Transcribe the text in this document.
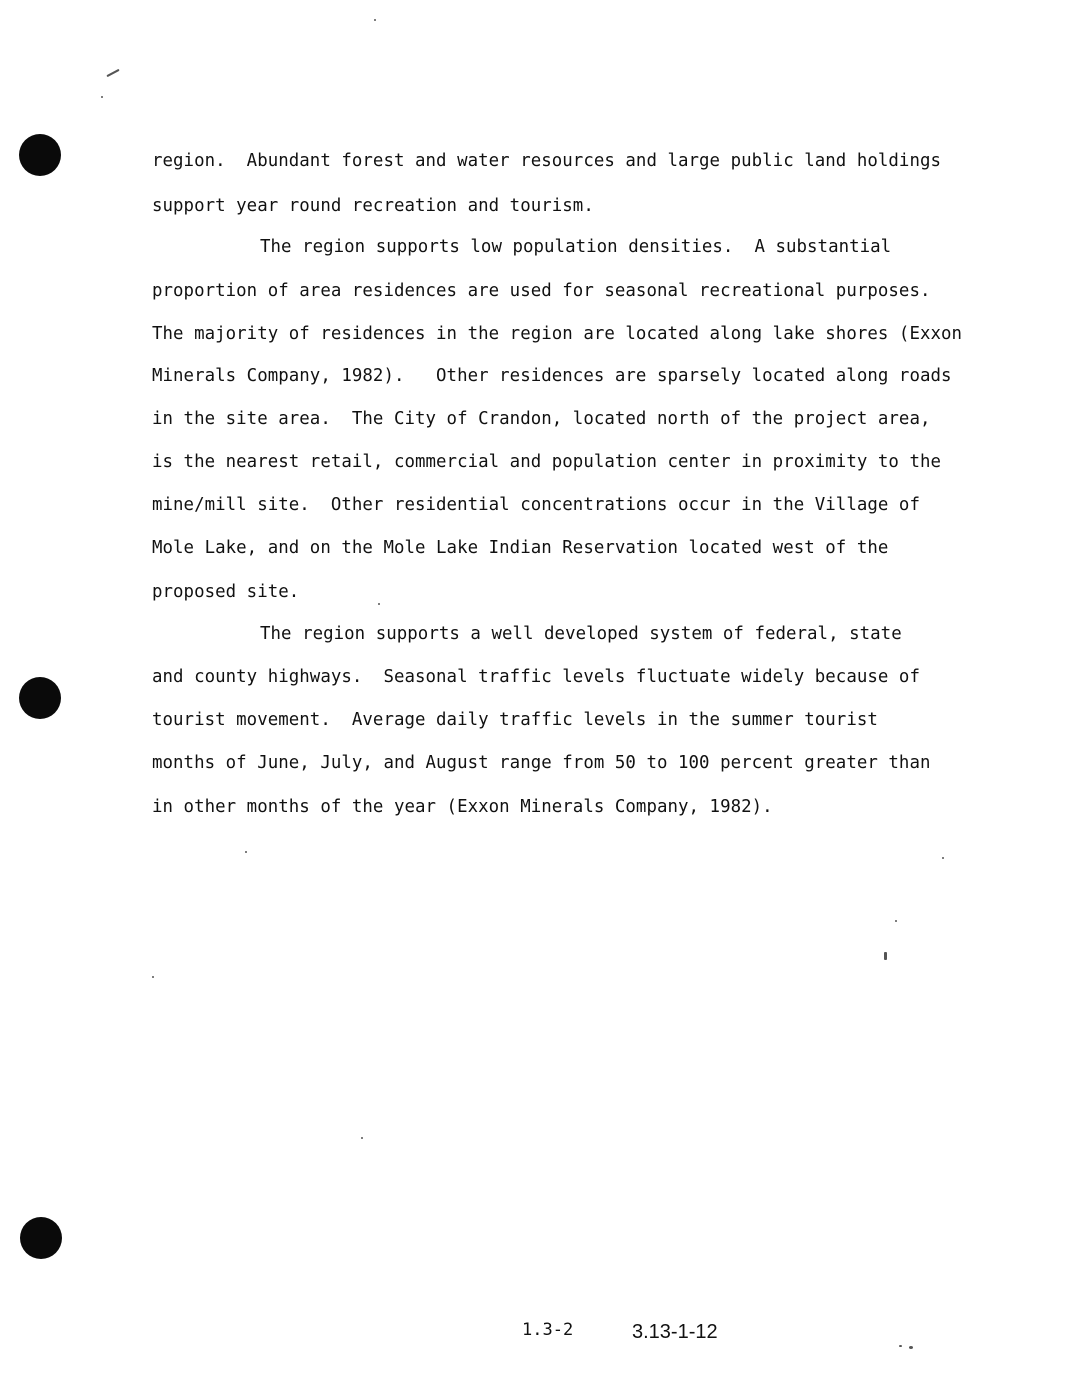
region.  Abundant forest and water resources and large public land holdings
support year round recreation and tourism.
The region supports low population densities.  A substantial
proportion of area residences are used for seasonal recreational purposes.
The majority of residences in the region are located along lake shores (Exxon
Minerals Company, 1982).   Other residences are sparsely located along roads
in the site area.  The City of Crandon, located north of the project area,
is the nearest retail, commercial and population center in proximity to the
mine/mill site.  Other residential concentrations occur in the Village of
Mole Lake, and on the Mole Lake Indian Reservation located west of the
proposed site.
The region supports a well developed system of federal, state
and county highways.  Seasonal traffic levels fluctuate widely because of
tourist movement.  Average daily traffic levels in the summer tourist
months of June, July, and August range from 50 to 100 percent greater than
in other months of the year (Exxon Minerals Company, 1982).
1.3-2	3.13-1-12
